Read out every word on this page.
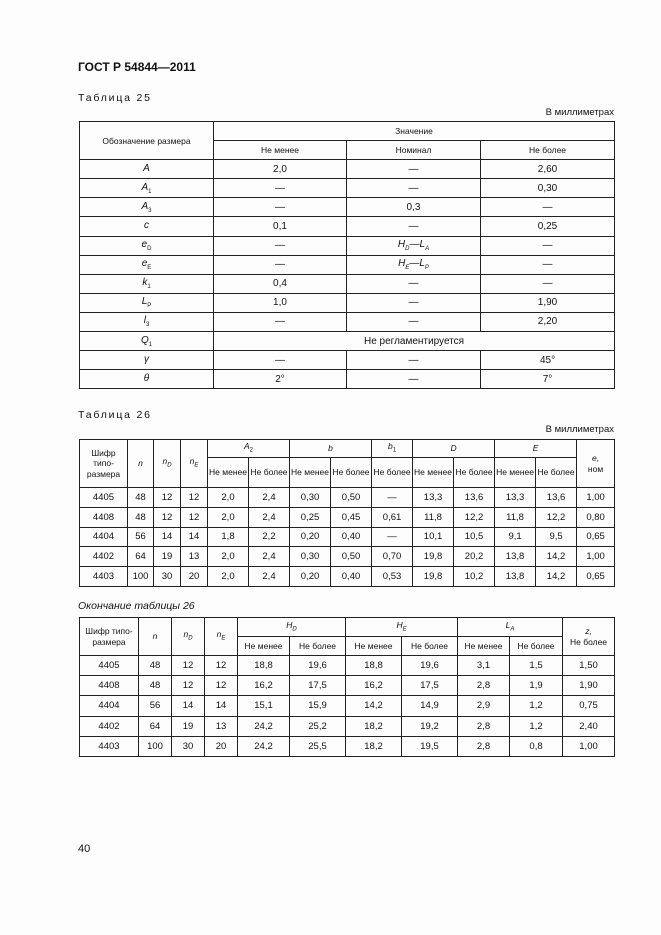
ГОСТ Р 54844—2011
Таблица 25
В миллиметрах
Обозначение размера	Значение		
	Не менее	Номинал	Не более
A	2,0	—	2,60
$A_1$	—	—	0,30
$A_3$	—	0,3	—
c	0,1	—	0,25
$e_D$	—	$H_D—L_A$	—
$e_E$	—	$H_E—L_P$	—
$k_1$	0,4	—	—
$L_P$	1,0	—	1,90
$l_3$	—	—	2,20
$Q_1$	Не регламентируется		
γ	—	—	45°
θ	2°	—	7°
Таблица 26
В миллиметрах
Шифр типо-размера	n	$n_D$	$n_E$	$A_2$		b		$b_1$	D		E		e,
ном
				Не менее	Не более	Не менее	Не более	Не более	Не менее	Не более	Не менее	Не более	
4405	48	12	12	2,0	2,4	0,30	0,50	—	13,3	13,6	13,3	13,6	1,00
4408	48	12	12	2,0	2,4	0,25	0,45	0,61	11,8	12,2	11,8	12,2	0,80
4404	56	14	14	1,8	2,2	0,20	0,40	—	10,1	10,5	9,1	9,5	0,65
4402	64	19	13	2,0	2,4	0,30	0,50	0,70	19,8	20,2	13,8	14,2	1,00
4403	100	30	20	2,0	2,4	0,20	0,40	0,53	19,8	10,2	13,8	14,2	0,65
Окончание таблицы 26
Шифр типо-размера	n	$n_D$	$n_E$	$H_D$		$H_E$		$L_A$		z,
Не более	

				Не менее	Не более	Не менее	Не более	Не менее	Не более		
4405	48	12	12	18,8	19,6	18,8	19,6	3,1	1,5	1,50	
4408	48	12	12	16,2	17,5	16,2	17,5	2,8	1,9	1,90	
4404	56	14	14	15,1	15,9	14,2	14,9	2,9	1,2	0,75	
4402	64	19	13	24,2	25,2	18,2	19,2	2,8	1,2	2,40	
4403	100	30	20	24,2	25,5	18,2	19,5	2,8	0,8	1,00	
40
